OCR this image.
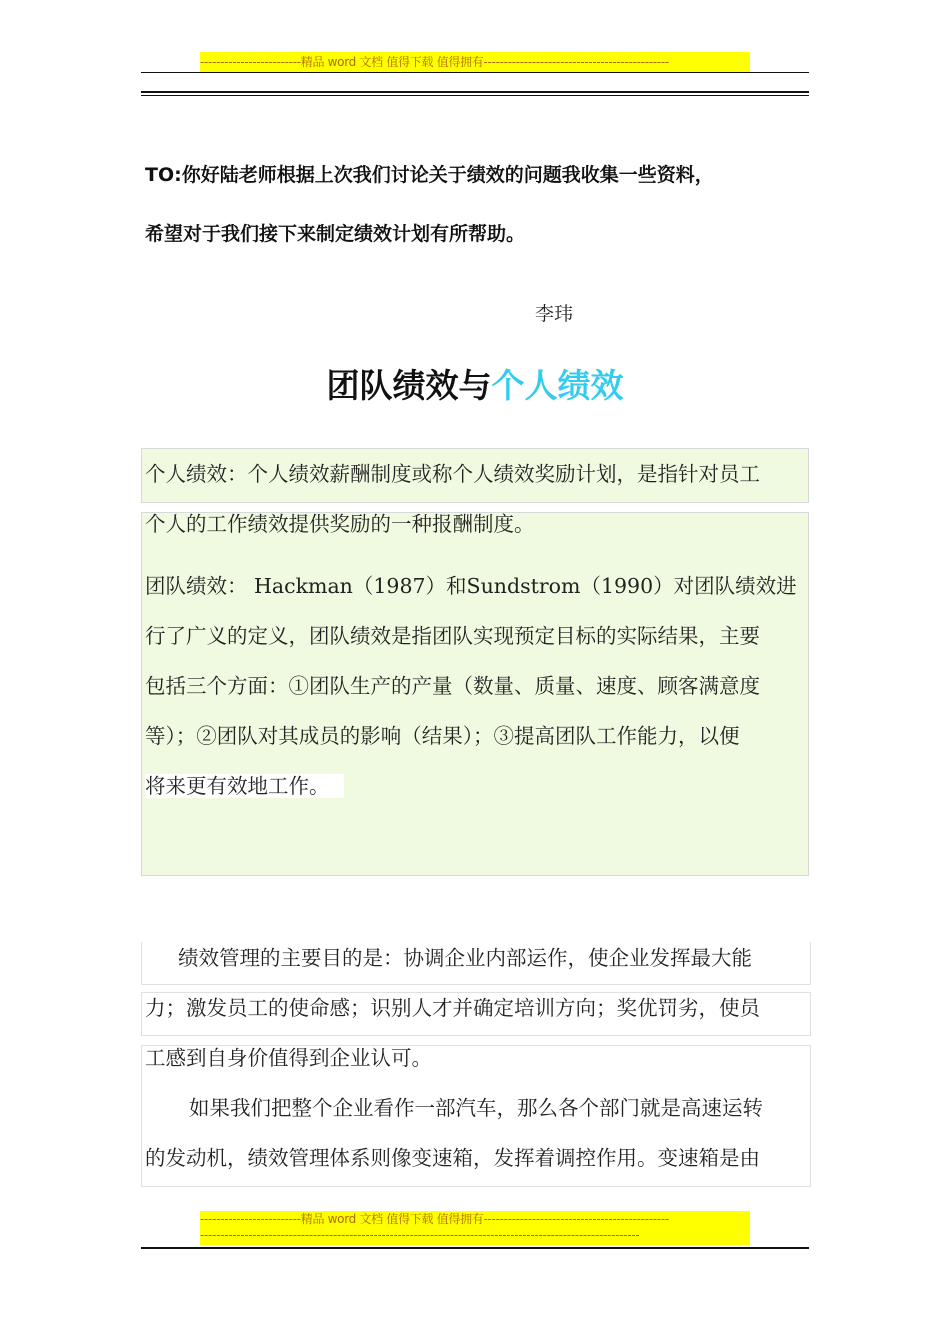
-------------------------精品 word 文档 值得下载 值得拥有----------------------------------------------
TO:你好陆老师根据上次我们讨论关于绩效的问题我收集一些资料，
希望对于我们接下来制定绩效计划有所帮助。
李玮
团队绩效与个人绩效
个人绩效：个人绩效薪酬制度或称个人绩效奖励计划，是指针对员工
个人的工作绩效提供奖励的一种报酬制度。
团队绩效： Hackman（1987）和Sundstrom（1990）对团队绩效进
行了广义的定义，团队绩效是指团队实现预定目标的实际结果，主要
包括三个方面：①团队生产的产量（数量、质量、速度、顾客满意度
等）；②团队对其成员的影响（结果）；③提高团队工作能力，以便
将来更有效地工作。
绩效管理的主要目的是：协调企业内部运作，使企业发挥最大能
力；激发员工的使命感；识别人才并确定培训方向；奖优罚劣，使员
工感到自身价值得到企业认可。
如果我们把整个企业看作一部汽车，那么各个部门就是高速运转
的发动机，绩效管理体系则像变速箱，发挥着调控作用。变速箱是由
-------------------------精品 word 文档 值得下载 值得拥有----------------------------------------------
-------------------------------------------------------------------------------------------------------------
